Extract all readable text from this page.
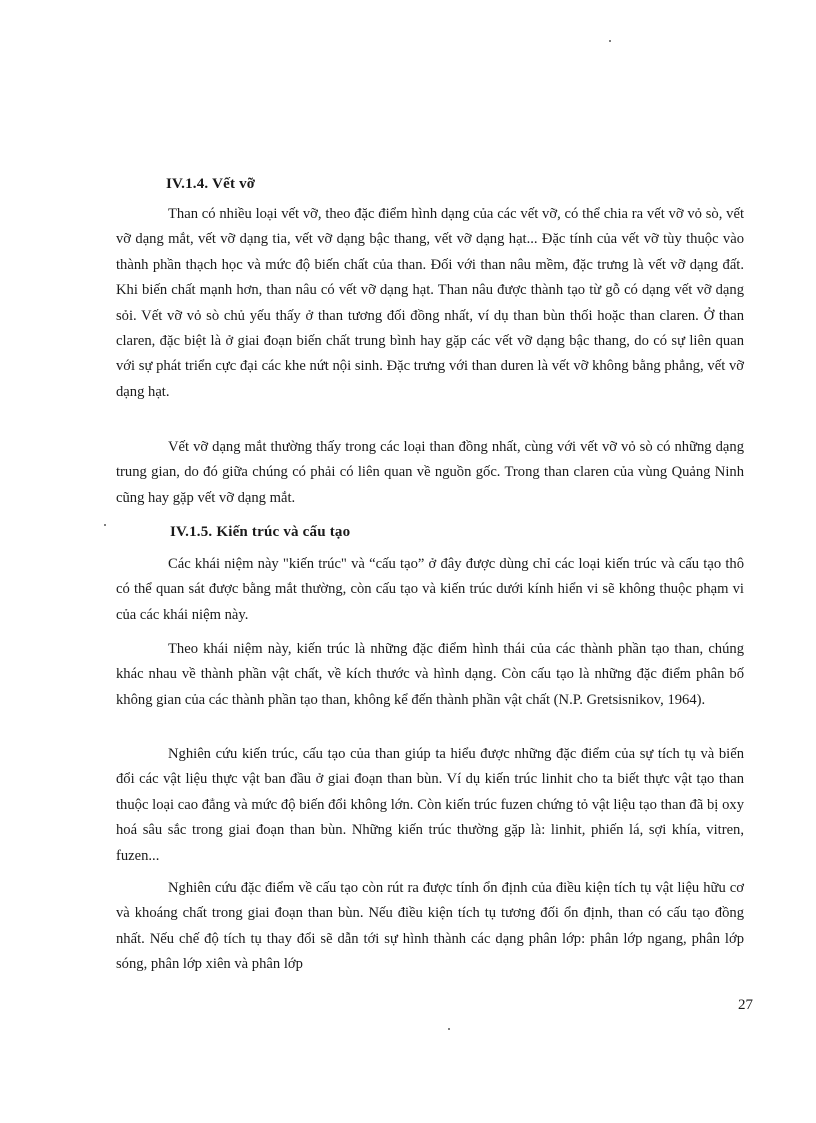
IV.1.4. Vết vỡ

Than có nhiều loại vết vỡ, theo đặc điểm hình dạng của các vết vỡ, có thể chia ra vết vỡ vỏ sò, vết vỡ dạng mắt, vết vỡ dạng tia, vết vỡ dạng bậc thang, vết vỡ dạng hạt... Đặc tính của vết vỡ tùy thuộc vào thành phần thạch học và mức độ biến chất của than. Đối với than nâu mềm, đặc trưng là vết vỡ dạng đất. Khi biến chất mạnh hơn, than nâu có vết vỡ dạng hạt. Than nâu được thành tạo từ gỗ có dạng vết vỡ dạng sỏi. Vết vỡ vỏ sò chủ yếu thấy ở than tương đối đồng nhất, ví dụ than bùn thối hoặc than claren. Ở than claren, đặc biệt là ở giai đoạn biến chất trung bình hay gặp các vết vỡ dạng bậc thang, do có sự liên quan với sự phát triển cực đại các khe nứt nội sinh. Đặc trưng với than duren là vết vỡ không bằng phẳng, vết vỡ dạng hạt.

Vết vỡ dạng mắt thường thấy trong các loại than đồng nhất, cùng với vết vỡ vỏ sò có những dạng trung gian, do đó giữa chúng có phải có liên quan về nguồn gốc. Trong than claren của vùng Quảng Ninh cũng hay gặp vết vỡ dạng mắt.

IV.1.5. Kiến trúc và cấu tạo

Các khái niệm này "kiến trúc" và “cấu tạo” ở đây được dùng chỉ các loại kiến trúc và cấu tạo thô có thể quan sát được bằng mắt thường, còn cấu tạo và kiến trúc dưới kính hiển vi sẽ không thuộc phạm vi của các khái niệm này.

Theo khái niệm này, kiến trúc là những đặc điểm hình thái của các thành phần tạo than, chúng khác nhau về thành phần vật chất, về kích thước và hình dạng. Còn cấu tạo là những đặc điểm phân bố không gian của các thành phần tạo than, không kể đến thành phần vật chất (N.P. Gretsisnikov, 1964).

Nghiên cứu kiến trúc, cấu tạo của than giúp ta hiểu được những đặc điểm của sự tích tụ và biến đổi các vật liệu thực vật ban đầu ở giai đoạn than bùn. Ví dụ kiến trúc linhit cho ta biết thực vật tạo than thuộc loại cao đẳng và mức độ biến đổi không lớn. Còn kiến trúc fuzen chứng tỏ vật liệu tạo than đã bị oxy hoá sâu sắc trong giai đoạn than bùn. Những kiến trúc thường gặp là: linhit, phiến lá, sợi khía, vitren, fuzen...

Nghiên cứu đặc điểm về cấu tạo còn rút ra được tính ổn định của điều kiện tích tụ vật liệu hữu cơ và khoáng chất trong giai đoạn than bùn. Nếu điều kiện tích tụ tương đối ổn định, than có cấu tạo đồng nhất. Nếu chế độ tích tụ thay đổi sẽ dẫn tới sự hình thành các dạng phân lớp: phân lớp ngang, phân lớp sóng, phân lớp xiên và phân lớp

27
